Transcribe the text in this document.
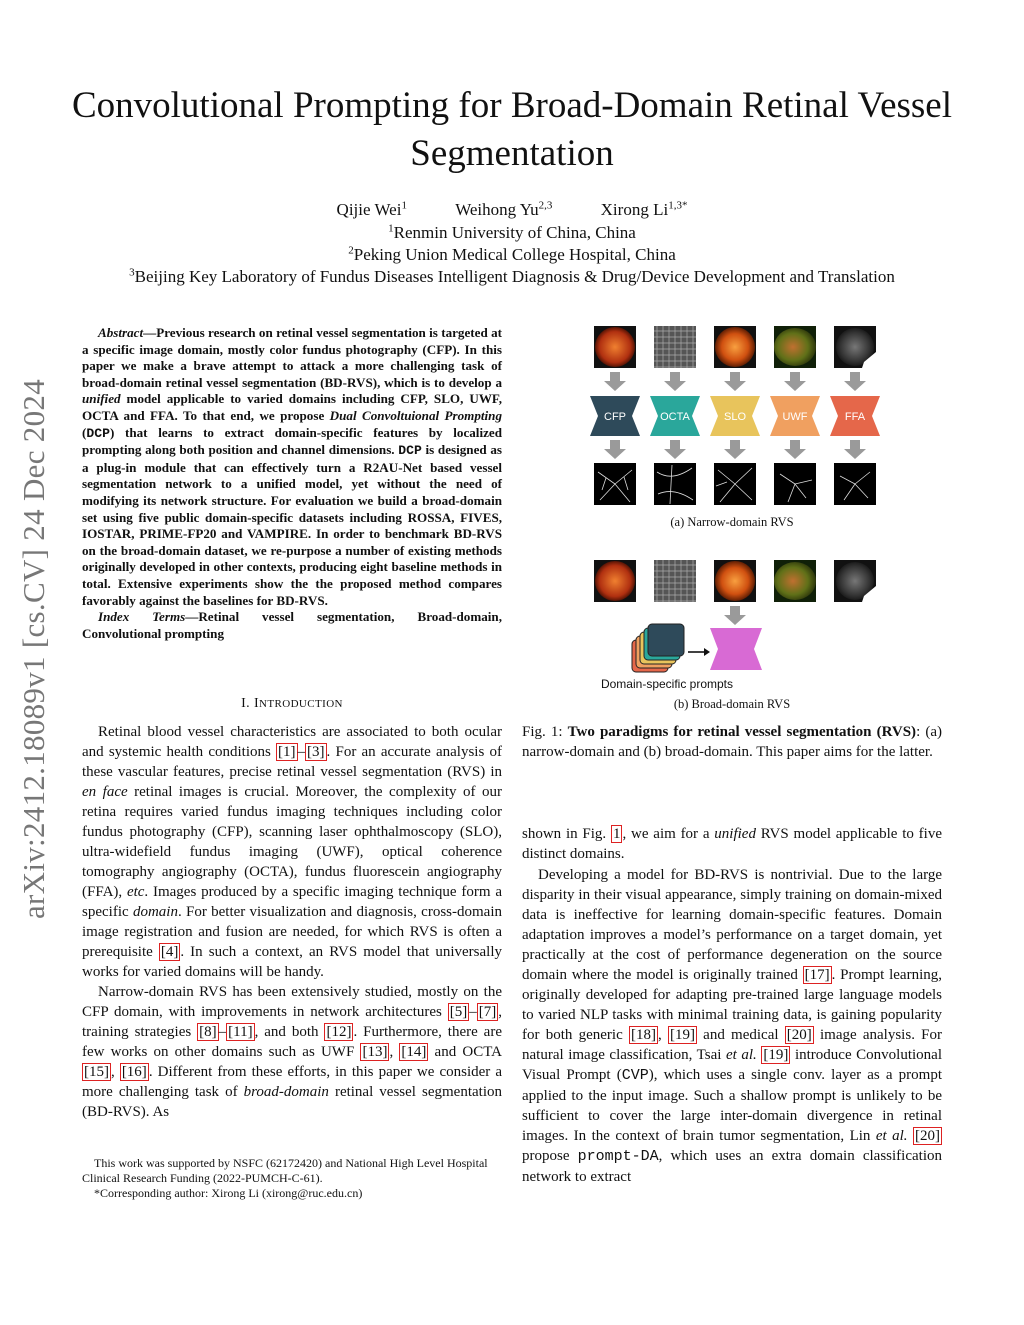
arXiv:2412.18089v1 [cs.CV] 24 Dec 2024
Convolutional Prompting for Broad-Domain Retinal Vessel Segmentation
Qijie Wei$^1$	Weihong Yu$^{2,3}$	Xirong $Li^{1,3*}$
$^1$Renmin University of China, China
$^2$Peking Union Medical College Hospital, China
$^3$Beijing Key Laboratory of Fundus Diseases Intelligent Diagnosis & Drug/Device Development and Translation
Abstract—Previous research on retinal vessel segmentation is targeted at a specific image domain, mostly color fundus photography (CFP). In this paper we make a brave attempt to attack a more challenging task of broad-domain retinal vessel segmentation (BD-RVS), which is to develop a unified model applicable to varied domains including CFP, SLO, UWF, OCTA and FFA. To that end, we propose Dual Convoltuional Prompting (DCP) that learns to extract domain-specific features by localized prompting along both position and channel dimensions. DCP is designed as a plug-in module that can effectively turn a R2AU-Net based vessel segmentation network to a unified model, yet without the need of modifying its network structure. For evaluation we build a broad-domain set using five public domain-specific datasets including ROSSA, FIVES, IOSTAR, PRIME-FP20 and VAMPIRE. In order to benchmark BD-RVS on the broad-domain dataset, we re-purpose a number of existing methods originally developed in other contexts, producing eight baseline methods in total. Extensive experiments show the the proposed method compares favorably against the baselines for BD-RVS.
Index Terms—Retinal vessel segmentation, Broad-domain, Convolutional prompting
I. INTRODUCTION
Retinal blood vessel characteristics are associated to both ocular and systemic health conditions [1] – [3] . For an accurate analysis of these vascular features, precise retinal vessel segmentation (RVS) in en face retinal images is crucial. Moreover, the complexity of our retina requires varied fundus imaging techniques including color fundus photography (CFP), scanning laser ophthalmoscopy (SLO), ultra-widefield fundus imaging (UWF), optical coherence tomography angiography (OCTA), fundus fluorescein angiography (FFA), etc. Images produced by a specific imaging technique form a specific domain. For better visualization and diagnosis, cross-domain image registration and fusion are needed, for which RVS is often a prerequisite [4] . In such a context, an RVS model that universally works for varied domains will be handy.
Narrow-domain RVS has been extensively studied, mostly on the CFP domain, with improvements in network architectures [5] – [7] , training strategies [8] – [11] , and both [12] . Furthermore, there are few works on other domains such as UWF [13] , [14] and OCTA [15] , [16] . Different from these efforts, in this paper we consider a more challenging task of broad-domain retinal vessel segmentation (BD-RVS). As

This work was supported by NSFC (62172420) and National High Level Hospital Clinical Research Funding (2022-PUMCH-C-61).

*Corresponding author: Xirong Li (xirong@ruc.edu.cn)

CFP	OCTA	SLO	UWF	FFA
(a) Narrow-domain RVS
Domain-specific prompts
(b) Broad-domain RVS
Fig. 1: Two paradigms for retinal vessel segmentation (RVS): (a) narrow-domain and (b) broad-domain. This paper aims for the latter.
shown in Fig. 1 , we aim for a unified RVS model applicable to five distinct domains.
Developing a model for BD-RVS is nontrivial. Due to the large disparity in their visual appearance, simply training on domain-mixed data is ineffective for learning domain-specific features. Domain adaptation improves a model’s performance on a target domain, yet practically at the cost of performance degeneration on the source domain where the model is originally trained [17] . Prompt learning, originally developed for adapting pre-trained large language models to varied NLP tasks with minimal training data, is gaining popularity for both generic [18] , [19] and medical [20] image analysis. For natural image classification, Tsai et al. [19] introduce Convolutional Visual Prompt (CVP), which uses a single conv. layer as a prompt applied to the input image. Such a shallow prompt is unlikely to be sufficient to cover the large inter-domain divergence in retinal images. In the context of brain tumor segmentation, Lin et al. [20] propose prompt-DA, which uses an extra domain classification network to extract
